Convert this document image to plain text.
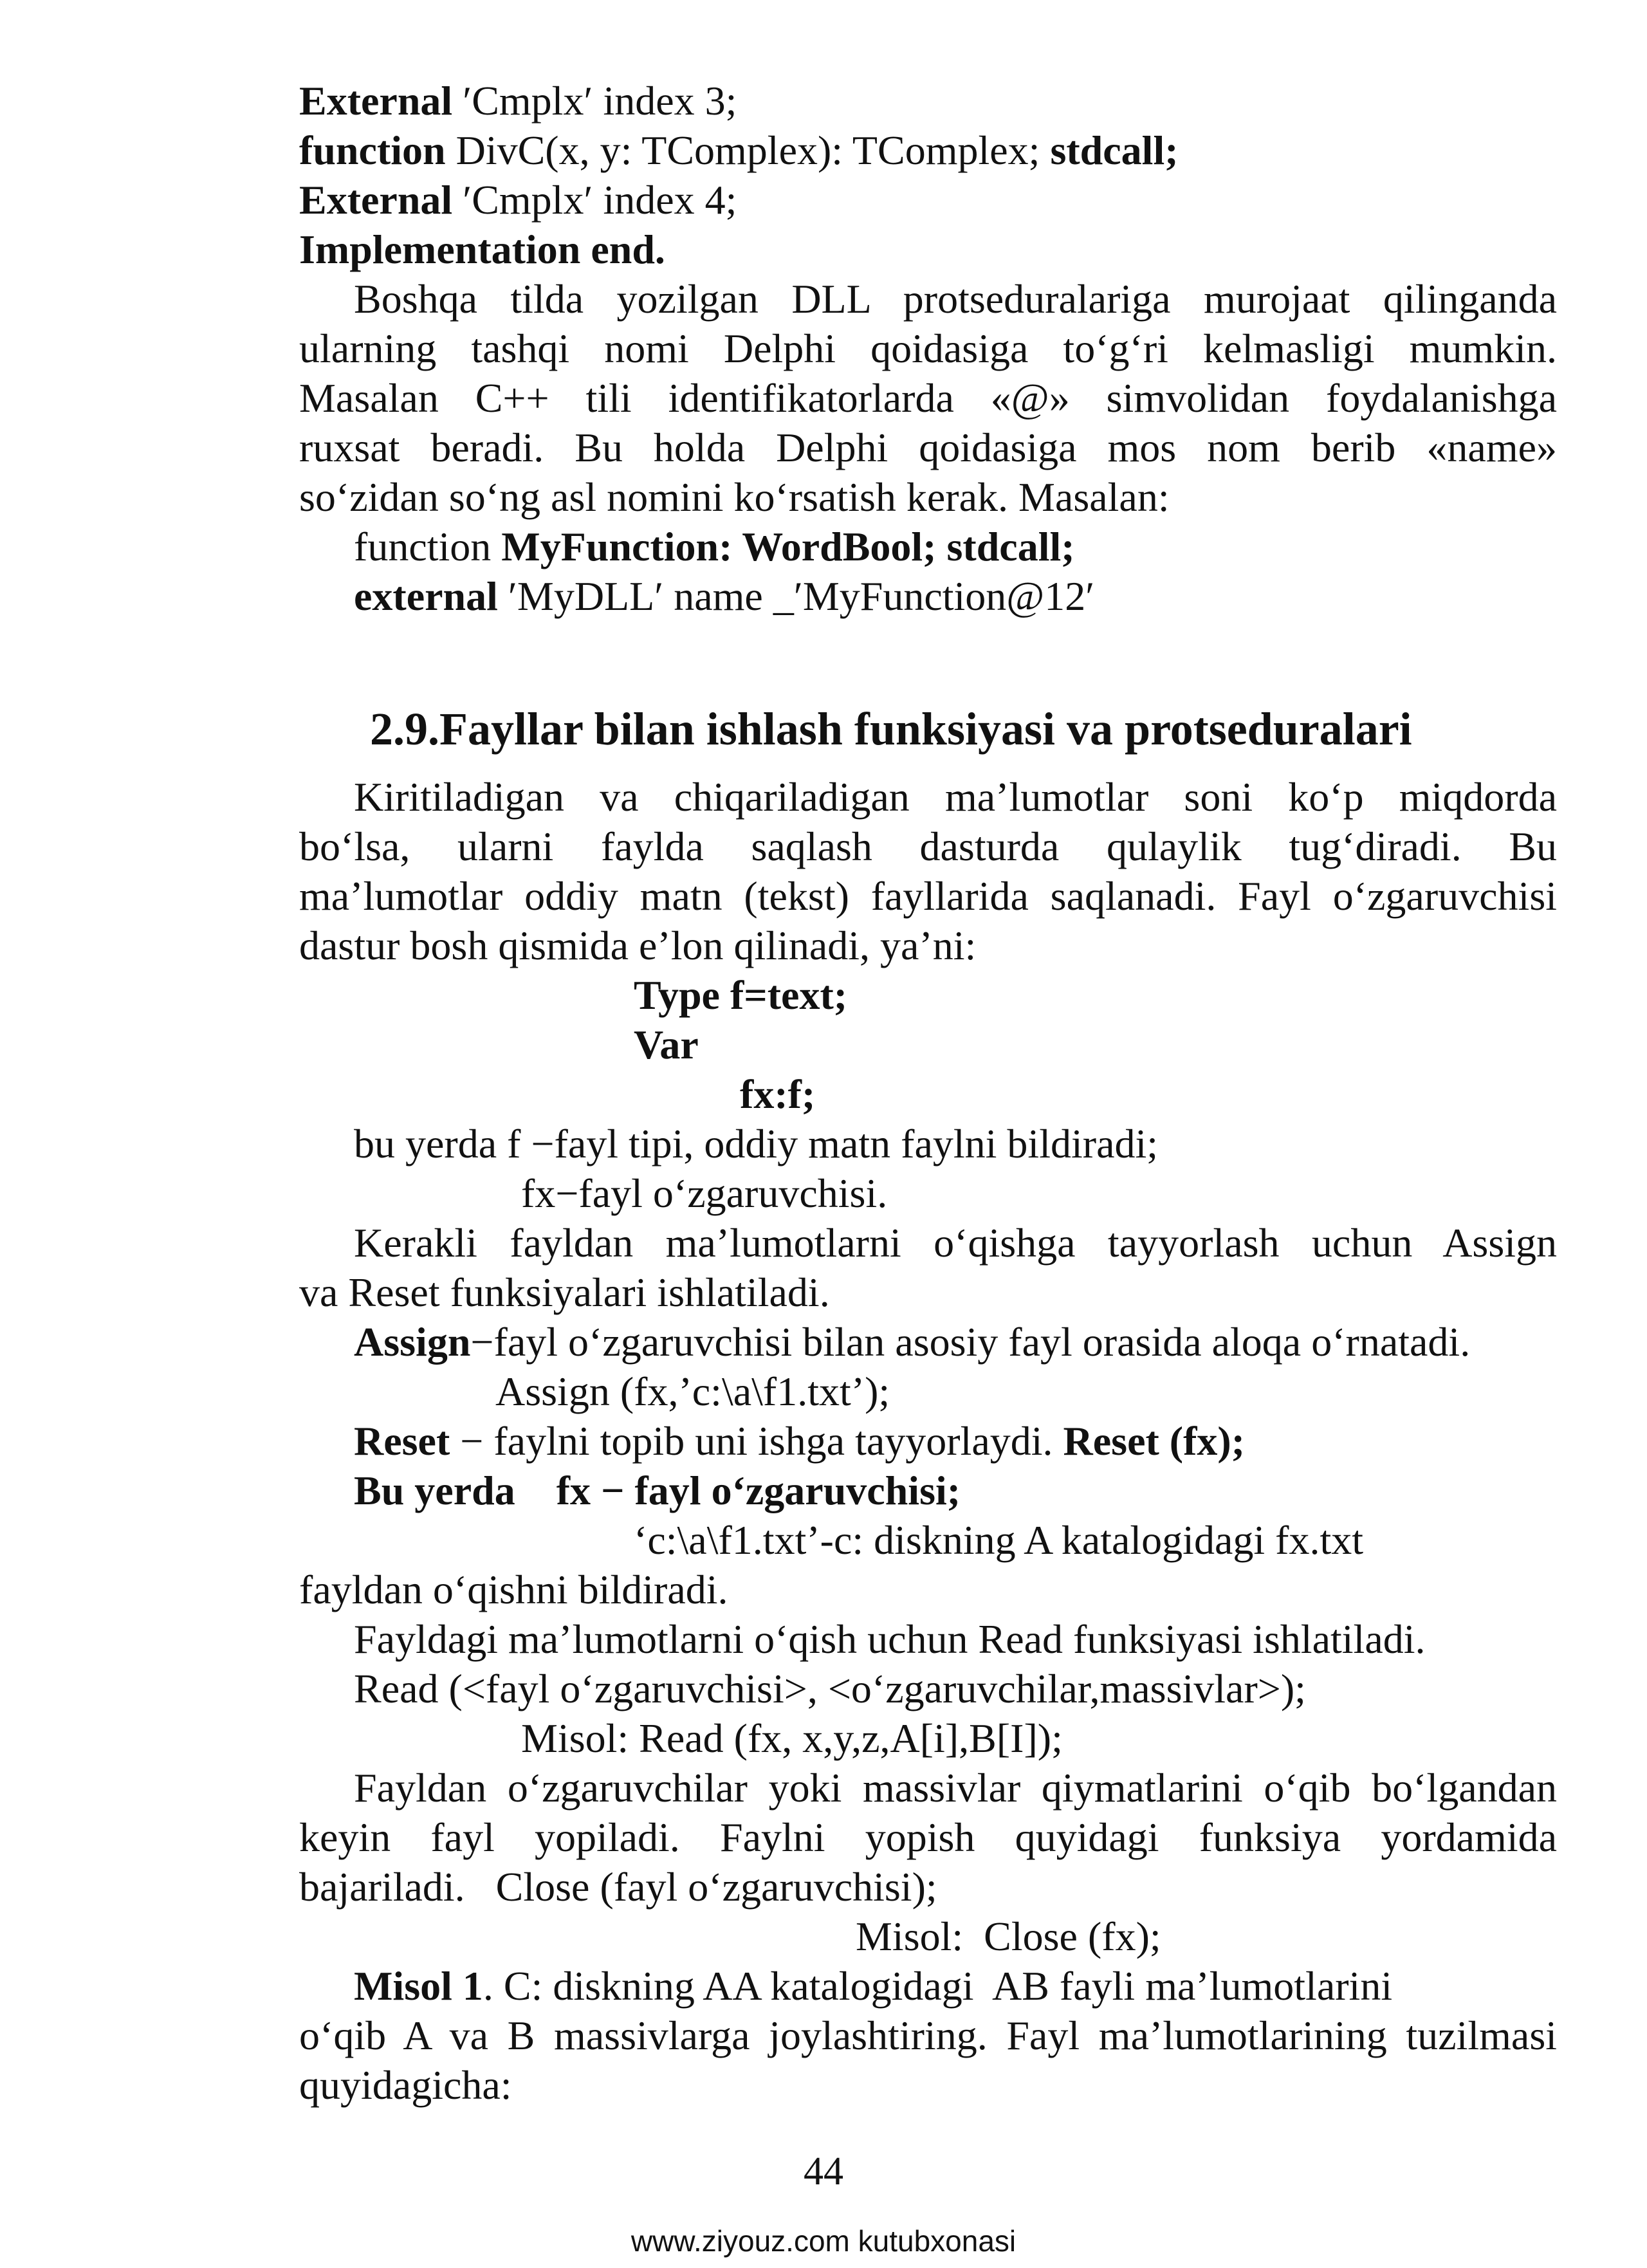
External ′Cmplx′ index 3;
function DivC(x, y: TComplex): TComplex; stdcall;
External ′Cmplx′ index 4;
Implementation end.
Boshqa tilda yozilgan DLL protseduralariga murojaat qilinganda
ularning tashqi nomi Delphi qoidasiga to‘g‘ri kelmasligi mumkin.
Masalan C++ tili identifikatorlarda «@» simvolidan foydalanishga
ruxsat beradi. Bu holda Delphi qoidasiga mos nom berib «name»
so‘zidan so‘ng asl nomini ko‘rsatish kerak. Masalan:
function MyFunction: WordBool; stdcall;
external ′MyDLL′ name _′MyFunction@12′
2.9.Fayllar bilan ishlash funksiyasi va protseduralari
Kiritiladigan va chiqariladigan ma’lumotlar soni ko‘p miqdorda
bo‘lsa, ularni faylda saqlash dasturda qulaylik tug‘diradi. Bu
ma’lumotlar oddiy matn (tekst) fayllarida saqlanadi. Fayl o‘zgaruvchisi
dastur bosh qismida e’lon qilinadi, ya’ni:
Type f=text;
Var
fx:f;
bu yerda f −fayl tipi, oddiy matn faylni bildiradi;
fx−fayl o‘zgaruvchisi.
Kerakli fayldan ma’lumotlarni o‘qishga tayyorlash uchun Assign
va Reset funksiyalari ishlatiladi.
Assign−fayl o‘zgaruvchisi bilan asosiy fayl orasida aloqa o‘rnatadi.
Assign (fx,’c:\a\f1.txt’);
Reset − faylni topib uni ishga tayyorlaydi. Reset (fx);
Bu yerda    fx − fayl o‘zgaruvchisi;
‘c:\a\f1.txt’-c: diskning A katalogidagi fx.txt
fayldan o‘qishni bildiradi.
Fayldagi ma’lumotlarni o‘qish uchun Read funksiyasi ishlatiladi.
Read (<fayl o‘zgaruvchisi>, <o‘zgaruvchilar,massivlar>);
Misol: Read (fx, x,y,z,A[i],B[I]);
Fayldan o‘zgaruvchilar yoki massivlar qiymatlarini o‘qib bo‘lgandan
keyin fayl yopiladi. Faylni yopish quyidagi funksiya yordamida
bajariladi.   Close (fayl o‘zgaruvchisi);
Misol:  Close (fx);
Misol 1. C: diskning AA katalogidagi  AB fayli ma’lumotlarini
o‘qib A va B massivlarga joylashtiring. Fayl ma’lumotlarining tuzilmasi
quyidagicha:
44
www.ziyouz.com kutubxonasi
